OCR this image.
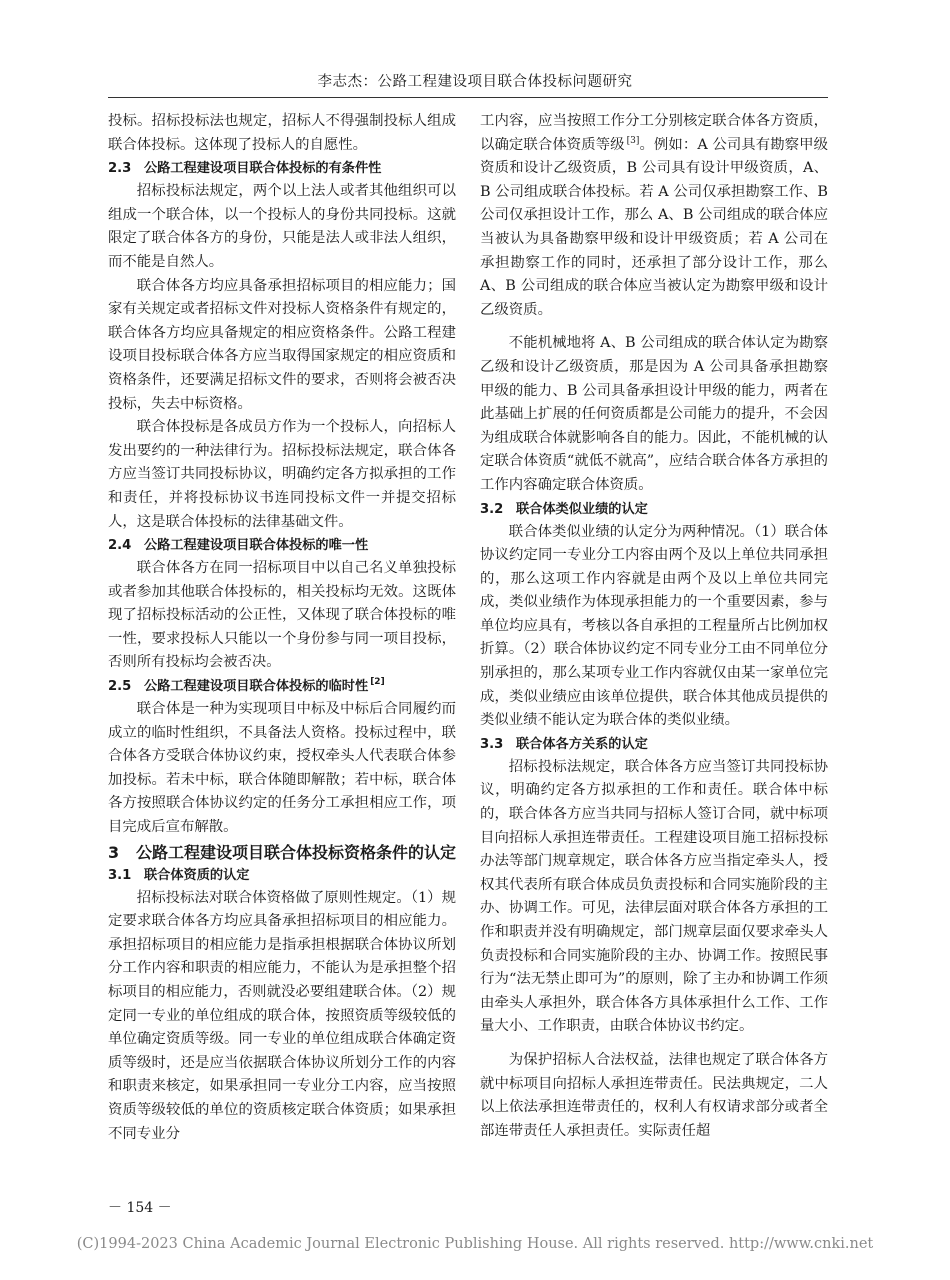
李志杰：公路工程建设项目联合体投标问题研究

投标。招标投标法也规定，招标人不得强制投标人组成联合体投标。这体现了投标人的自愿性。

2.3 公路工程建设项目联合体投标的有条件性

招标投标法规定，两个以上法人或者其他组织可以组成一个联合体，以一个投标人的身份共同投标。这就限定了联合体各方的身份，只能是法人或非法人组织，而不能是自然人。

联合体各方均应具备承担招标项目的相应能力；国家有关规定或者招标文件对投标人资格条件有规定的，联合体各方均应具备规定的相应资格条件。公路工程建设项目投标联合体各方应当取得国家规定的相应资质和资格条件，还要满足招标文件的要求，否则将会被否决投标，失去中标资格。

联合体投标是各成员方作为一个投标人，向招标人发出要约的一种法律行为。招标投标法规定，联合体各方应当签订共同投标协议，明确约定各方拟承担的工作和责任，并将投标协议书连同投标文件一并提交招标人，这是联合体投标的法律基础文件。

2.4 公路工程建设项目联合体投标的唯一性

联合体各方在同一招标项目中以自己名义单独投标或者参加其他联合体投标的，相关投标均无效。这既体现了招标投标活动的公正性，又体现了联合体投标的唯一性，要求投标人只能以一个身份参与同一项目投标，否则所有投标均会被否决。

2.5 公路工程建设项目联合体投标的临时性 [2]

联合体是一种为实现项目中标及中标后合同履约而成立的临时性组织，不具备法人资格。投标过程中，联合体各方受联合体协议约束，授权牵头人代表联合体参加投标。若未中标，联合体随即解散；若中标，联合体各方按照联合体协议约定的任务分工承担相应工作，项目完成后宣布解散。

3 公路工程建设项目联合体投标资格条件的认定
3.1 联合体资质的认定

招标投标法对联合体资格做了原则性规定。（1）规定要求联合体各方均应具备承担招标项目的相应能力。承担招标项目的相应能力是指承担根据联合体协议所划分工作内容和职责的相应能力，不能认为是承担整个招标项目的相应能力，否则就没必要组建联合体。（2）规定同一专业的单位组成的联合体，按照资质等级较低的单位确定资质等级。同一专业的单位组成联合体确定资质等级时，还是应当依据联合体协议所划分工作的内容和职责来核定，如果承担同一专业分工内容，应当按照资质等级较低的单位的资质核定联合体资质；如果承担不同专业分

工内容，应当按照工作分工分别核定联合体各方资质，以确定联合体资质等级 [3]。例如：A 公司具有勘察甲级资质和设计乙级资质，B 公司具有设计甲级资质，A、B 公司组成联合体投标。若 A 公司仅承担勘察工作、B 公司仅承担设计工作，那么 A、B 公司组成的联合体应当被认为具备勘察甲级和设计甲级资质；若 A 公司在承担勘察工作的同时，还承担了部分设计工作，那么 A、B 公司组成的联合体应当被认定为勘察甲级和设计乙级资质。

不能机械地将 A、B 公司组成的联合体认定为勘察乙级和设计乙级资质，那是因为 A 公司具备承担勘察甲级的能力、B 公司具备承担设计甲级的能力，两者在此基础上扩展的任何资质都是公司能力的提升，不会因为组成联合体就影响各自的能力。因此，不能机械的认定联合体资质“就低不就高”，应结合联合体各方承担的工作内容确定联合体资质。

3.2 联合体类似业绩的认定

联合体类似业绩的认定分为两种情况。（1）联合体协议约定同一专业分工内容由两个及以上单位共同承担的，那么这项工作内容就是由两个及以上单位共同完成，类似业绩作为体现承担能力的一个重要因素，参与单位均应具有，考核以各自承担的工程量所占比例加权折算。（2）联合体协议约定不同专业分工由不同单位分别承担的，那么某项专业工作内容就仅由某一家单位完成，类似业绩应由该单位提供，联合体其他成员提供的类似业绩不能认定为联合体的类似业绩。

3.3 联合体各方关系的认定

招标投标法规定，联合体各方应当签订共同投标协议，明确约定各方拟承担的工作和责任。联合体中标的，联合体各方应当共同与招标人签订合同，就中标项目向招标人承担连带责任。工程建设项目施工招标投标办法等部门规章规定，联合体各方应当指定牵头人，授权其代表所有联合体成员负责投标和合同实施阶段的主办、协调工作。可见，法律层面对联合体各方承担的工作和职责并没有明确规定，部门规章层面仅要求牵头人负责投标和合同实施阶段的主办、协调工作。按照民事行为“法无禁止即可为”的原则，除了主办和协调工作须由牵头人承担外，联合体各方具体承担什么工作、工作量大小、工作职责，由联合体协议书约定。

为保护招标人合法权益，法律也规定了联合体各方就中标项目向招标人承担连带责任。民法典规定，二人以上依法承担连带责任的，权利人有权请求部分或者全部连带责任人承担责任。实际责任超

－ 154 －
(C)1994-2023 China Academic Journal Electronic Publishing House. All rights reserved. http://www.cnki.net
